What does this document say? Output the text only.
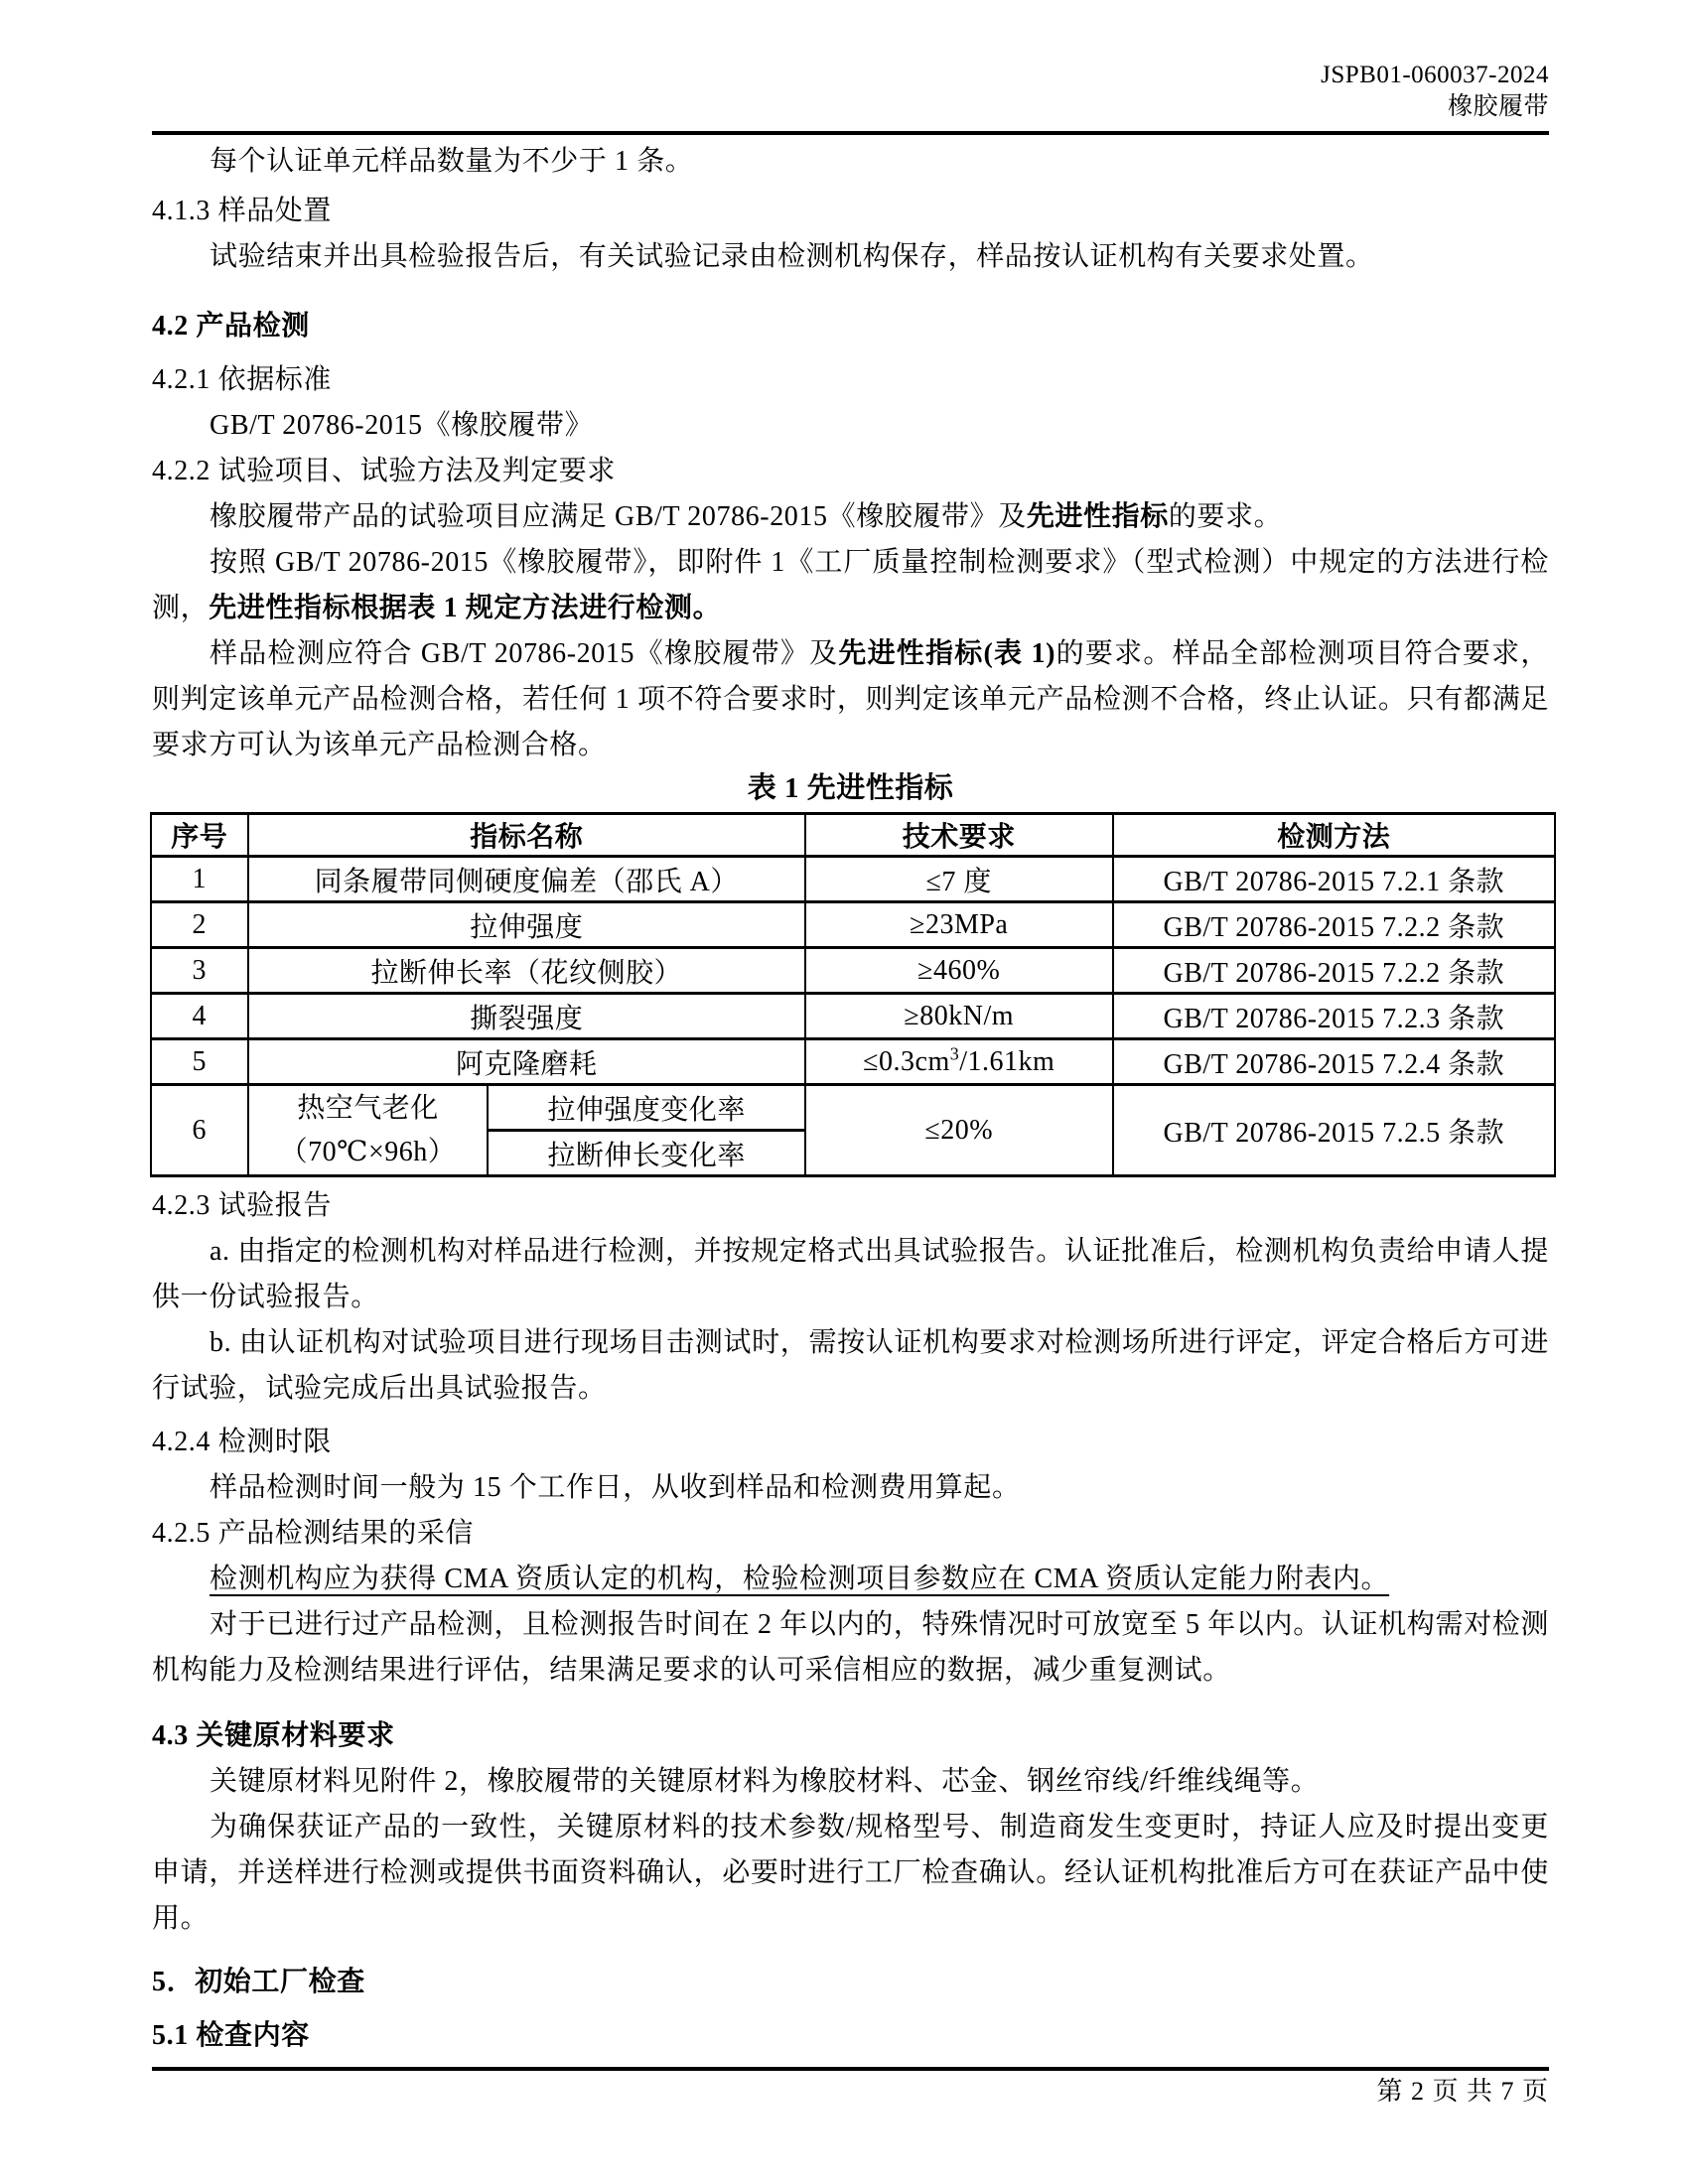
JSPB01-060037-2024
橡胶履带

每个认证单元样品数量为不少于 1 条。

4.1.3 样品处置

试验结束并出具检验报告后，有关试验记录由检测机构保存，样品按认证机构有关要求处置。

4.2 产品检测

4.2.1 依据标准

GB/T 20786-2015《橡胶履带》

4.2.2 试验项目、试验方法及判定要求

橡胶履带产品的试验项目应满足 GB/T 20786-2015《橡胶履带》及先进性指标的要求。

按照 GB/T 20786-2015《橡胶履带》，即附件 1《工厂质量控制检测要求》（型式检测）中规定的方法进行检测，先进性指标根据表 1 规定方法进行检测。

样品检测应符合 GB/T 20786-2015《橡胶履带》及先进性指标(表 1)的要求。样品全部检测项目符合要求，则判定该单元产品检测合格，若任何 1 项不符合要求时，则判定该单元产品检测不合格，终止认证。只有都满足要求方可认为该单元产品检测合格。

表 1 先进性指标

序号	指标名称		技术要求	检测方法
1	同条履带同侧硬度偏差（邵氏 A）		≤7 度	GB/T 20786-2015 7.2.1 条款
2	拉伸强度		≥23MPa	GB/T 20786-2015 7.2.2 条款
3	拉断伸长率（花纹侧胶）		≥460%	GB/T 20786-2015 7.2.2 条款
4	撕裂强度		≥80kN/m	GB/T 20786-2015 7.2.3 条款
5	阿克隆磨耗		$\le 0.3cm^3/1.61km$	GB/T 20786-2015 7.2.4 条款
6	热空气老化
（70℃×96h）	拉伸强度变化率	≤20%	GB/T 20786-2015 7.2.5 条款
		拉断伸长变化率		

4.2.3 试验报告

a. 由指定的检测机构对样品进行检测，并按规定格式出具试验报告。认证批准后，检测机构负责给申请人提供一份试验报告。

b. 由认证机构对试验项目进行现场目击测试时，需按认证机构要求对检测场所进行评定，评定合格后方可进行试验，试验完成后出具试验报告。

4.2.4 检测时限

样品检测时间一般为 15 个工作日，从收到样品和检测费用算起。

4.2.5 产品检测结果的采信

检测机构应为获得 CMA 资质认定的机构，检验检测项目参数应在 CMA 资质认定能力附表内。

对于已进行过产品检测，且检测报告时间在 2 年以内的，特殊情况时可放宽至 5 年以内。认证机构需对检测机构能力及检测结果进行评估，结果满足要求的认可采信相应的数据，减少重复测试。

4.3 关键原材料要求

关键原材料见附件 2，橡胶履带的关键原材料为橡胶材料、芯金、钢丝帘线/纤维线绳等。

为确保获证产品的一致性，关键原材料的技术参数/规格型号、制造商发生变更时，持证人应及时提出变更申请，并送样进行检测或提供书面资料确认，必要时进行工厂检查确认。经认证机构批准后方可在获证产品中使用。

5．初始工厂检查

5.1 检查内容

第 2 页 共 7 页
